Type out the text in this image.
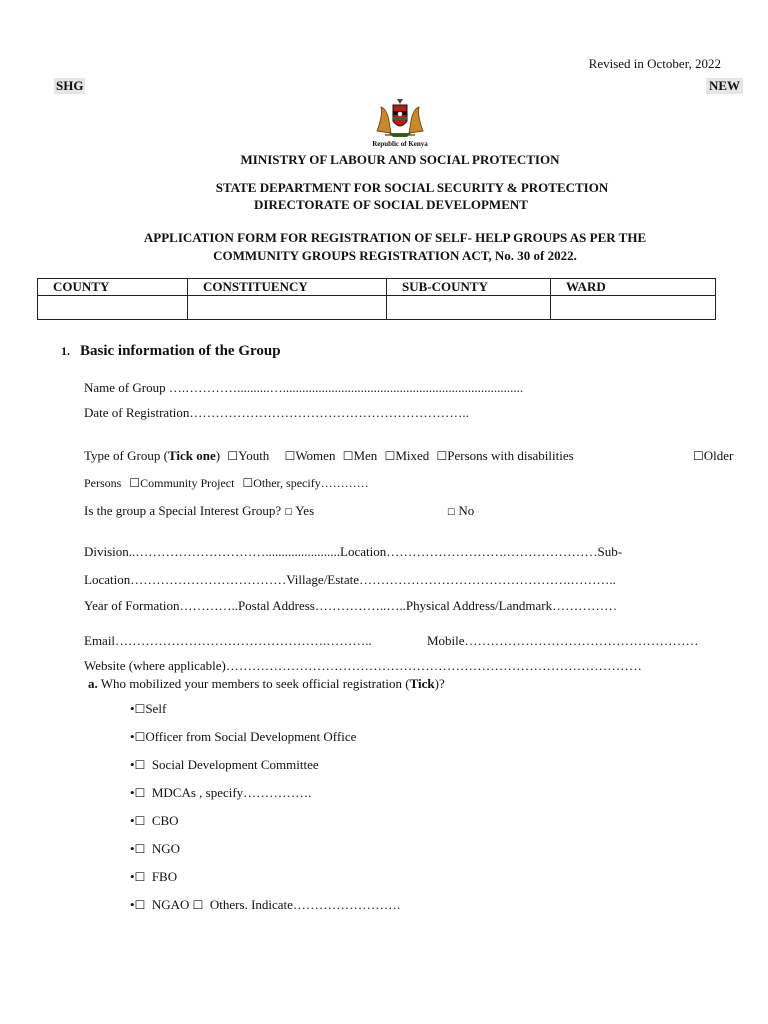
Revised in October, 2022
SHG	NEW
Republic of Kenya
MINISTRY OF LABOUR AND SOCIAL PROTECTION
STATE DEPARTMENT FOR SOCIAL SECURITY & PROTECTION
DIRECTORATE OF SOCIAL DEVELOPMENT
APPLICATION FORM FOR REGISTRATION OF SELF- HELP GROUPS AS PER THE
COMMUNITY GROUPS REGISTRATION ACT, No. 30 of 2022.
COUNTY	CONSTITUENCY	SUB-COUNTY	WARD

1. Basic information of the Group
Name of Group ….…………..........…..........................................................................
Date of Registration………………………………………………………..
Type of Group (Tick one) ☐Youth ☐Women ☐Men ☐Mixed ☐Persons with disabilities	☐Older
Persons ☐Community Project ☐Other, specify…………
Is the group a Special Interest Group? ☐ Yes	☐ No
Division..………………………….......................Location……………………….…………………Sub-
Location………………………………Village/Estate………………………………………….………..
Year of Formation…………..Postal Address……………..…..Physical Address/Landmark……………
Email………………………………………….………..	Mobile………………………………………………
Website (where applicable)……………………………………………………………………………………
a. Who mobilized your members to seek official registration (Tick)?
•☐Self
•☐Officer from Social Development Office
•☐ Social Development Committee
•☐ MDCAs , specify…………….
•☐ CBO
•☐ NGO
•☐ FBO
•☐ NGAO ☐ Others. Indicate…………………….
